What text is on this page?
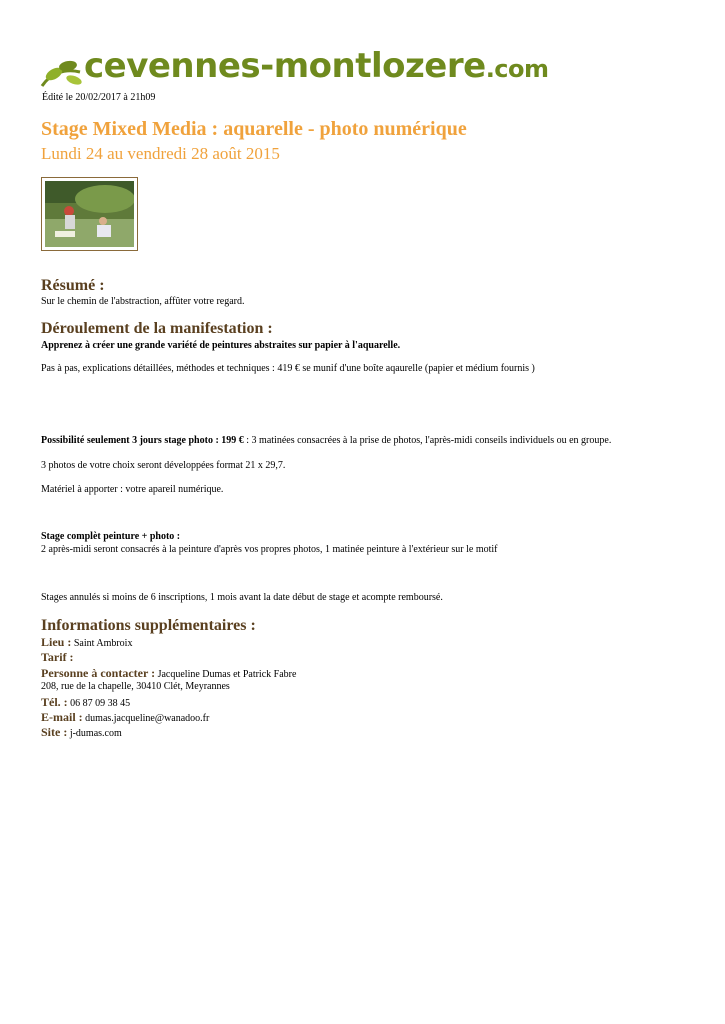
cevennes-montlozere.com
Édité le 20/02/2017 à 21h09
Stage Mixed Media : aquarelle - photo numérique
Lundi 24 au vendredi 28 août 2015
Résumé :
Sur le chemin de l'abstraction, affûter votre regard.
Déroulement de la manifestation :
Apprenez à créer une grande variété de peintures abstraites sur papier à l'aquarelle.
Pas à pas, explications détaillées, méthodes et techniques : 419 € se munif d'une boîte aqaurelle (papier et médium fournis )
Possibilité seulement 3 jours stage photo : 199 € : 3 matinées consacrées à la prise de photos, l'après-midi conseils individuels ou en groupe.
3 photos de votre choix seront développées format 21 x 29,7.
Matériel à apporter : votre apareil numérique.
Stage complèt peinture + photo :
2 après-midi seront consacrés à la peinture d'après vos propres photos, 1 matinée peinture à l'extérieur sur le motif
Stages annulés si moins de 6 inscriptions, 1 mois avant la date début de stage et acompte remboursé.
Informations supplémentaires :
Lieu : Saint Ambroix
Tarif :
Personne à contacter : Jacqueline Dumas et Patrick Fabre
208, rue de la chapelle, 30410 Clét, Meyrannes
Tél. : 06 87 09 38 45
E-mail : dumas.jacqueline@wanadoo.fr
Site : j-dumas.com
